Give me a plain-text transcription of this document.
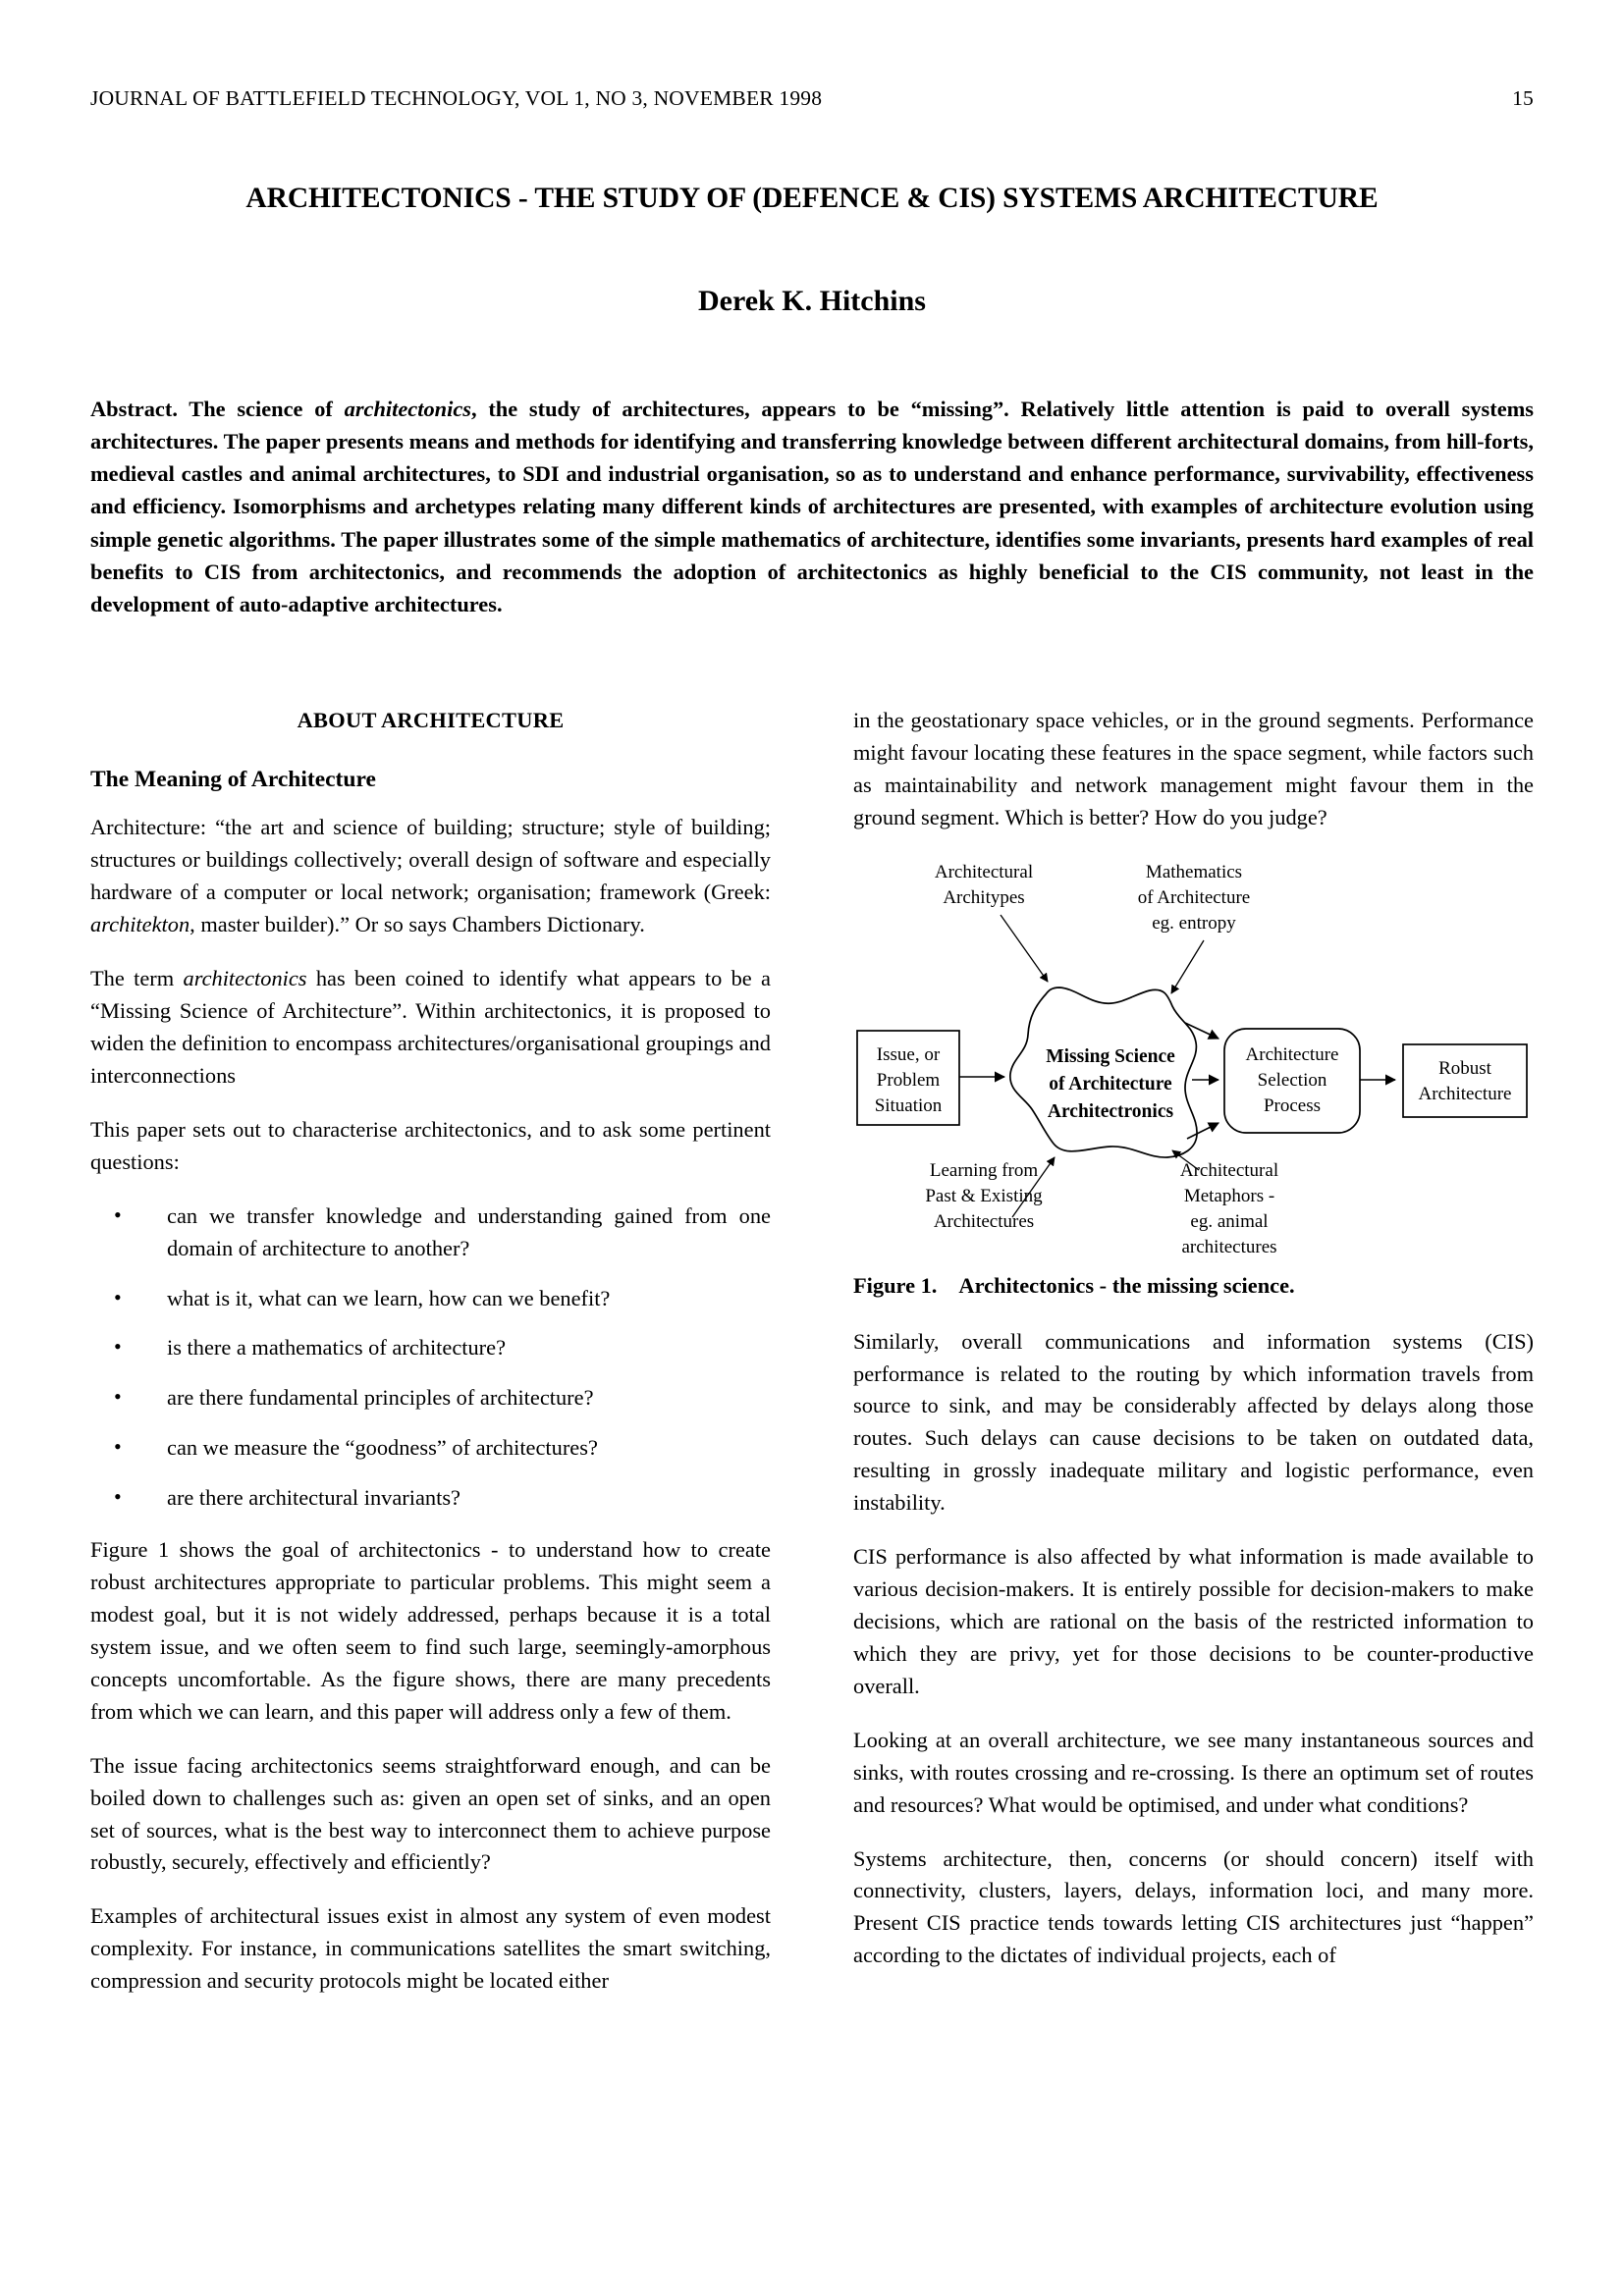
JOURNAL OF BATTLEFIELD TECHNOLOGY, VOL 1, NO 3, NOVEMBER 1998	15
ARCHITECTONICS - THE STUDY OF (DEFENCE & CIS) SYSTEMS ARCHITECTURE
Derek K. Hitchins
Abstract. The science of architectonics, the study of architectures, appears to be “missing”. Relatively little attention is paid to overall systems architectures. The paper presents means and methods for identifying and transferring knowledge between different architectural domains, from hill-forts, medieval castles and animal architectures, to SDI and industrial organisation, so as to understand and enhance performance, survivability, effectiveness and efficiency. Isomorphisms and archetypes relating many different kinds of architectures are presented, with examples of architecture evolution using simple genetic algorithms. The paper illustrates some of the simple mathematics of architecture, identifies some invariants, presents hard examples of real benefits to CIS from architectonics, and recommends the adoption of architectonics as highly beneficial to the CIS community, not least in the development of auto-adaptive architectures.
ABOUT ARCHITECTURE
The Meaning of Architecture

Architecture: “the art and science of building; structure; style of building; structures or buildings collectively; overall design of software and especially hardware of a computer or local network; organisation; framework (Greek: architekton, master builder).” Or so says Chambers Dictionary.

The term architectonics has been coined to identify what appears to be a “Missing Science of Architecture”. Within architectonics, it is proposed to widen the definition to encompass architectures/organisational groupings and interconnections

This paper sets out to characterise architectonics, and to ask some pertinent questions:

• can we transfer knowledge and understanding gained from one domain of architecture to another?
• what is it, what can we learn, how can we benefit?
• is there a mathematics of architecture?
• are there fundamental principles of architecture?
• can we measure the “goodness” of architectures?
• are there architectural invariants?

Figure 1 shows the goal of architectonics - to understand how to create robust architectures appropriate to particular problems. This might seem a modest goal, but it is not widely addressed, perhaps because it is a total system issue, and we often seem to find such large, seemingly-amorphous concepts uncomfortable. As the figure shows, there are many precedents from which we can learn, and this paper will address only a few of them.

The issue facing architectonics seems straightforward enough, and can be boiled down to challenges such as: given an open set of sinks, and an open set of sources, what is the best way to interconnect them to achieve purpose robustly, securely, effectively and efficiently?

Examples of architectural issues exist in almost any system of even modest complexity. For instance, in communications satellites the smart switching, compression and security protocols might be located either

in the geostationary space vehicles, or in the ground segments. Performance might favour locating these features in the space segment, while factors such as maintainability and network management might favour them in the ground segment. Which is better? How do you judge?

Architectural
Architypes
Mathematics
of Architecture
eg. entropy
Missing Science
of Architecture
Architectronics
Issue, or
Problem
Situation
Architecture
Selection
Process
Robust
Architecture
Learning from
Past & Existing
Architectures
Architectural
Metaphors -
eg. animal
architectures
Figure 1. Architectonics - the missing science.

Similarly, overall communications and information systems (CIS) performance is related to the routing by which information travels from source to sink, and may be considerably affected by delays along those routes. Such delays can cause decisions to be taken on outdated data, resulting in grossly inadequate military and logistic performance, even instability.

CIS performance is also affected by what information is made available to various decision-makers. It is entirely possible for decision-makers to make decisions, which are rational on the basis of the restricted information to which they are privy, yet for those decisions to be counter-productive overall.

Looking at an overall architecture, we see many instantaneous sources and sinks, with routes crossing and re-crossing. Is there an optimum set of routes and resources? What would be optimised, and under what conditions?

Systems architecture, then, concerns (or should concern) itself with connectivity, clusters, layers, delays, information loci, and many more. Present CIS practice tends towards letting CIS architectures just “happen” according to the dictates of individual projects, each of
